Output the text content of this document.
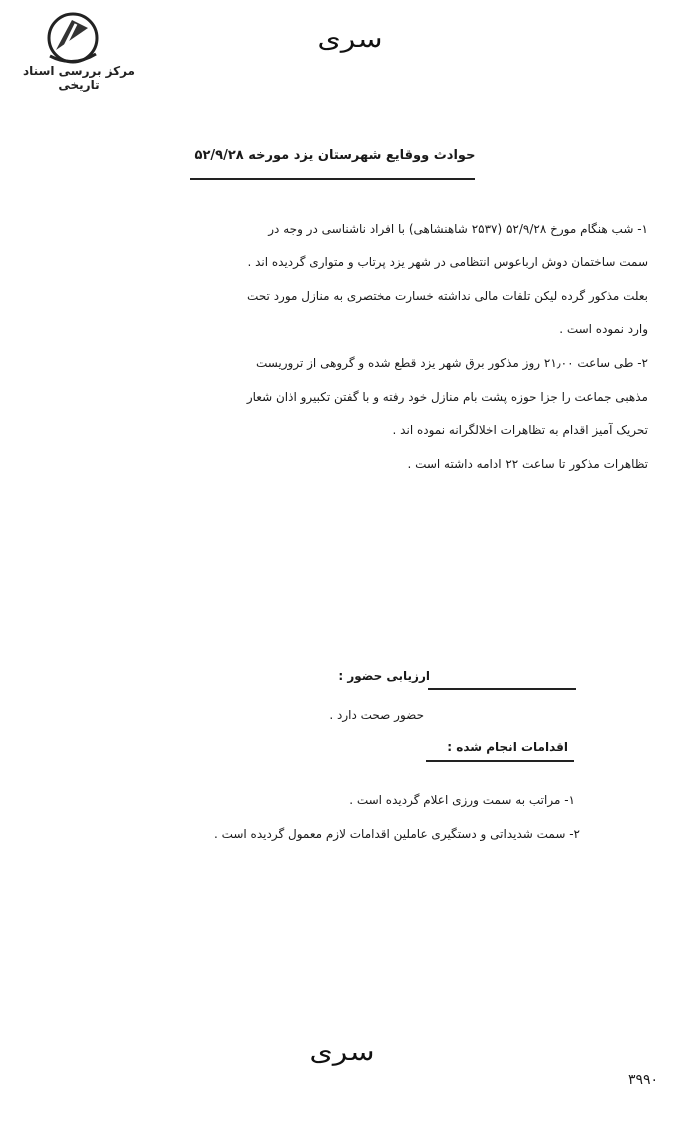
مرکز بررسی اسناد تاریخی
سری
حوادث ووقایع شهرستان یزد مورخه ۵۲/۹/۲۸
۱- شب هنگام مورخ ۵۲/۹/۲۸ (۲۵۳۷ شاهنشاهی) با افراد ناشناسی در وجه در
سمت ساختمان دوش ارباعوس انتظامی در شهر یزد پرتاب و متواری گردیده اند .
بعلت مذکور گرده لیکن تلفات مالی نداشته خسارت مختصری به منازل مورد تحت
وارد نموده است .
۲- طی ساعت ۲۱٫۰۰ روز مذکور برق شهر یزد قطع شده و گروهی از تروریست
مذهبی جماعت را جزا حوزه پشت بام منازل خود رفته و با گفتن تکبیرو اذان شعار
تحریک آمیز اقدام به تظاهرات اخلالگرانه نموده اند .
تظاهرات مذکور تا ساعت ۲۲ ادامه داشته است .
ارزیابی حضور :
حضور صحت دارد .
اقدامات انجام شده :
۱- مراتب به سمت ورزی اعلام گردیده است .
۲- سمت شدیداتی و دستگیری عاملین اقدامات لازم معمول گردیده است .
سری
۳۹۹۰
